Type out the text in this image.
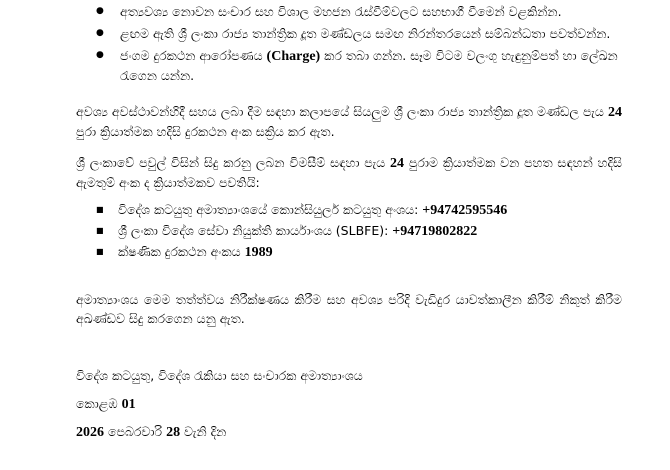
● අත්‍යවශ්‍ය නොවන සංචාර සහ විශාල මහජන රැස්වීම්වලට සහභාගී වීමෙන් වළකින්න.
● ළඟම ඇති ශ්‍රී ලංකා රාජ්‍ය තාන්ත්‍රික දූත මණ්ඩලය සමඟ නිරන්තරයෙන් සම්බන්ධතා පවත්වන්න.
● ජංගම දුරකථන ආරෝපණය (Charge) කර තබා ගන්න. සෑම විටම වලංගු හැඳුනුම්පත් හා ලේඛන රැගෙන යන්න.

අවශ්‍ය අවස්ථාවන්හිදී සහය ලබා දීම සඳහා කලාපයේ සියලුම ශ්‍රී ලංකා රාජ්‍ය තාන්ත්‍රික දූත මණ්ඩල පැය 24 පුරා ක්‍රියාත්මක හදිසි දුරකථන අංක සක්‍රිය කර ඇත.

ශ්‍රී ලංකාවේ පවුල් විසින් සිදු කරනු ලබන විමසීම් සඳහා පැය 24 පුරාම ක්‍රියාත්මක වන පහත සඳහන් හදිසි ඇමතුම් අංක ද ක්‍රියාත්මකව පවතියි:

■ විදේශ කටයුතු අමාත්‍යාංශයේ කොන්සියුලර් කටයුතු අංශය: +94742595546
■ ශ්‍රී ලංකා විදේශ සේවා නියුක්ති කාර්යාංශය (SLBFE): +94719802822
■ ක්ෂණික දුරකථන අංකය 1989

අමාත්‍යාංශය මෙම තත්ත්වය නිරීක්ෂණය කිරීම සහ අවශ්‍ය පරිදි වැඩිදුර යාවත්කාලීන කිරීම් නිකුත් කිරීම අඛණ්ඩව සිදු කරගෙන යනු ඇත.

විදේශ කටයුතු, විදේශ රැකියා සහ සංචාරක අමාත්‍යාංශය

කොළඹ 01

2026 පෙබරවාරි 28 වැනි දින
